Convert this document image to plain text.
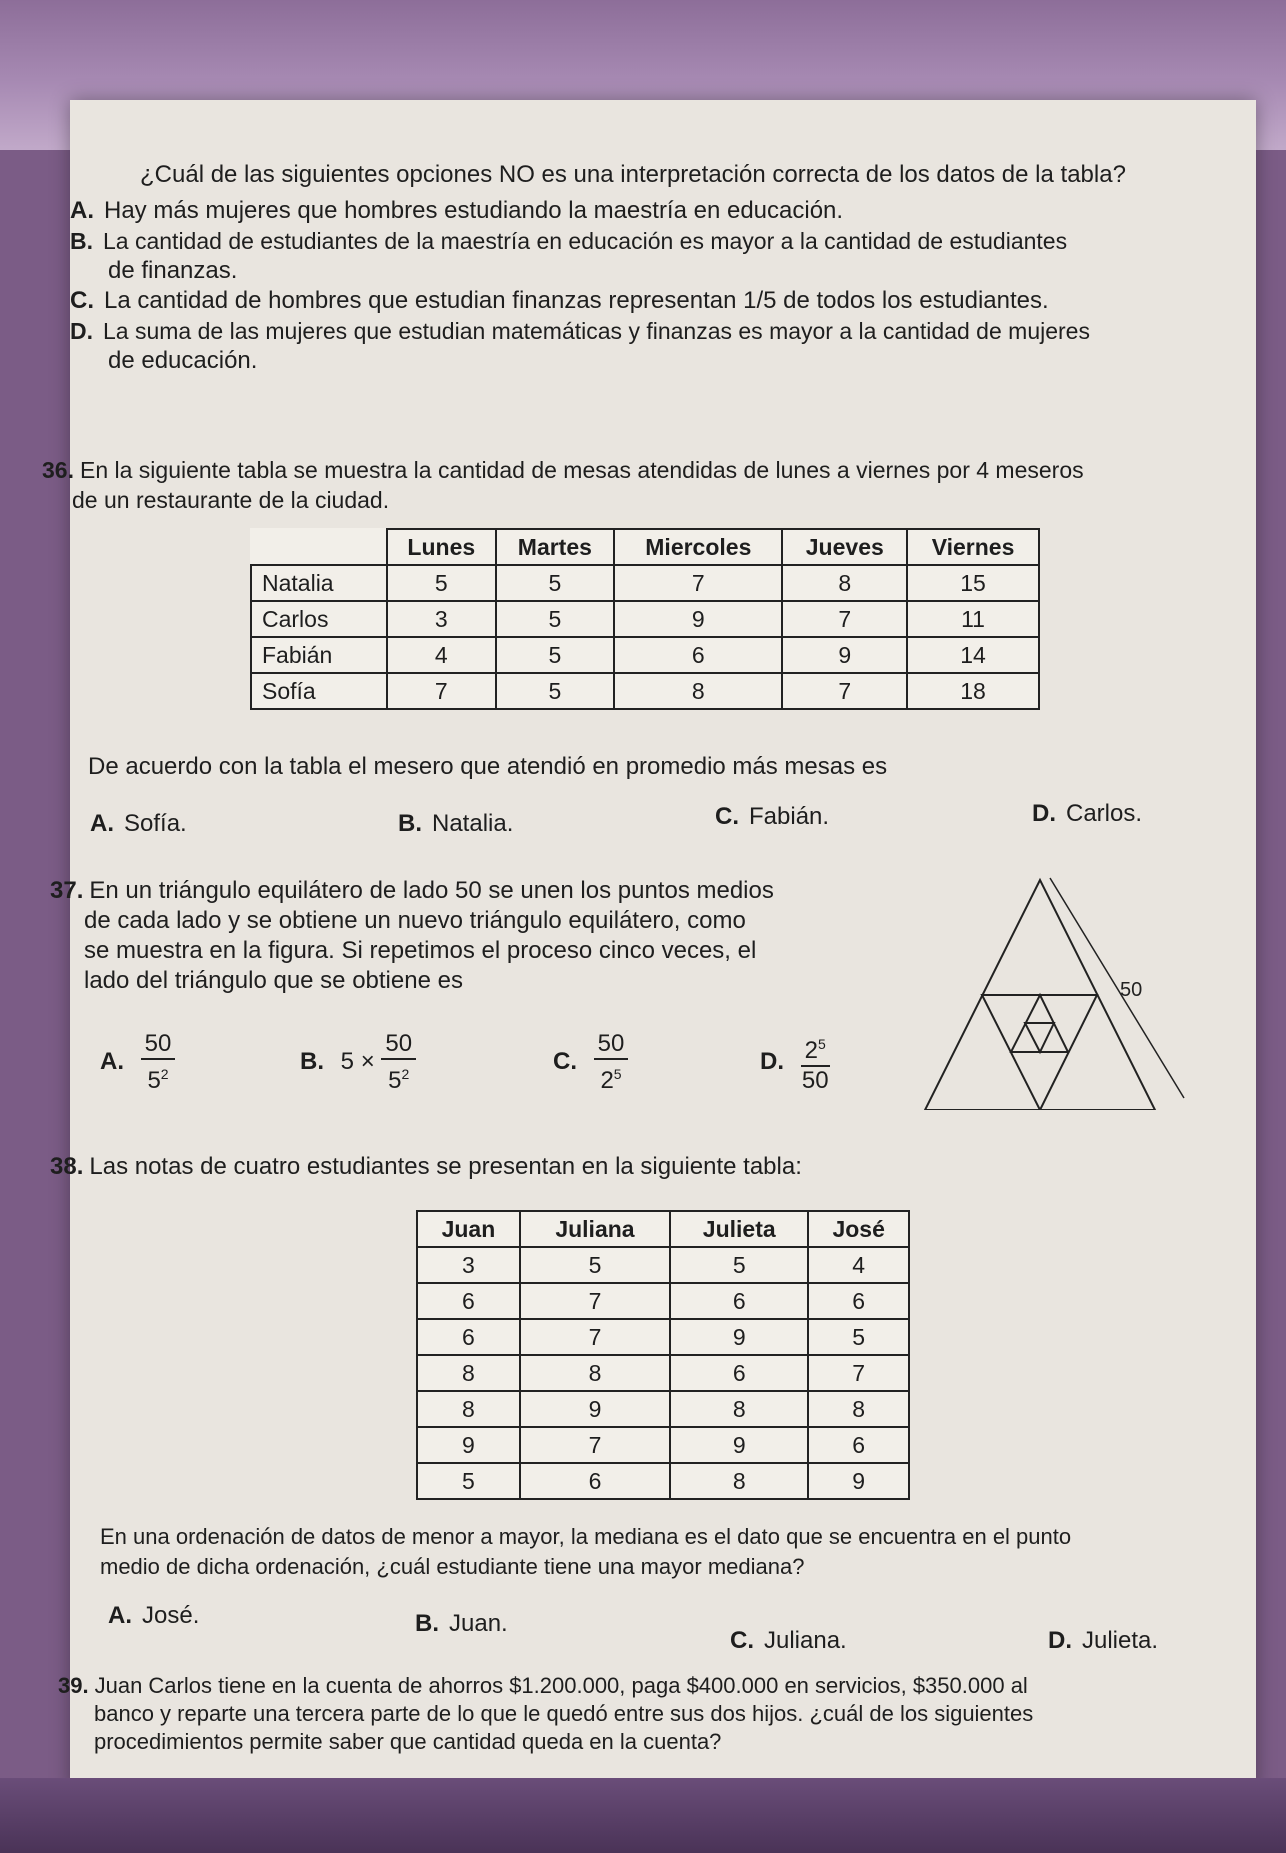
¿Cuál de las siguientes opciones NO es una interpretación correcta de los datos de la tabla?
A. Hay más mujeres que hombres estudiando la maestría en educación.
B. La cantidad de estudiantes de la maestría en educación es mayor a la cantidad de estudiantes
de finanzas.
C. La cantidad de hombres que estudian finanzas representan 1/5 de todos los estudiantes.
D. La suma de las mujeres que estudian matemáticas y finanzas es mayor a la cantidad de mujeres
de educación.
36. En la siguiente tabla se muestra la cantidad de mesas atendidas de lunes a viernes por 4 meseros
de un restaurante de la ciudad.
	Lunes	Martes	Miercoles	Jueves	Viernes
Natalia	5	5	7	8	15
Carlos	3	5	9	7	11
Fabián	4	5	6	9	14
Sofía	7	5	8	7	18
De acuerdo con la tabla el mesero que atendió en promedio más mesas es
A. Sofía.	B. Natalia.	C. Fabián.	D. Carlos.
37. En un triángulo equilátero de lado 50 se unen los puntos medios
de cada lado y se obtiene un nuevo triángulo equilátero, como
se muestra en la figura. Si repetimos el proceso cinco veces, el
lado del triángulo que se obtiene es
A. $\frac{50}{5^2}$	B. $5 \times \frac{50}{5^2}$	C. $\frac{50}{2^5}$	D. $\frac{2^5}{50}$
50
38. Las notas de cuatro estudiantes se presentan en la siguiente tabla:
Juan	Juliana	Julieta	José
3	5	5	4
6	7	6	6
6	7	9	5
8	8	6	7
8	9	8	8
9	7	9	6
5	6	8	9
En una ordenación de datos de menor a mayor, la mediana es el dato que se encuentra en el punto
medio de dicha ordenación, ¿cuál estudiante tiene una mayor mediana?
A. José.	B. Juan.
C. Juliana.	D. Julieta.
39. Juan Carlos tiene en la cuenta de ahorros $1.200.000, paga $400.000 en servicios, $350.000 al
banco y reparte una tercera parte de lo que le quedó entre sus dos hijos. ¿cuál de los siguientes
procedimientos permite saber que cantidad queda en la cuenta?
